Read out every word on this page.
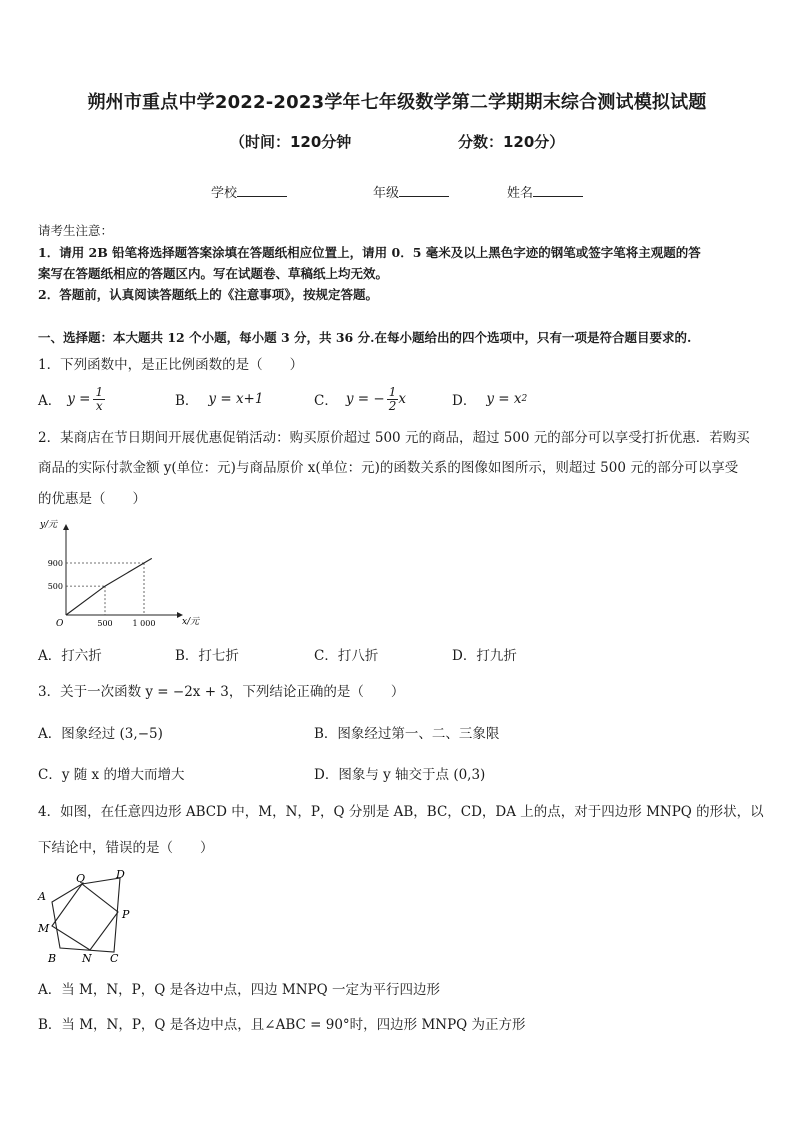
朔州市重点中学2022-2023学年七年级数学第二学期期末综合测试模拟试题
（时间：120分钟	分数：120分）
学校	年级	姓名
请考生注意：
1．请用 2B 铅笔将选择题答案涂填在答题纸相应位置上，请用 0．5 毫米及以上黑色字迹的钢笔或签字笔将主观题的答
案写在答题纸相应的答题区内。写在试题卷、草稿纸上均无效。
2．答题前，认真阅读答题纸上的《注意事项》，按规定答题。
一、选择题：本大题共 12 个小题，每小题 3 分，共 36 分.在每小题给出的四个选项中，只有一项是符合题目要求的.
1．下列函数中，是正比例函数的是（　　）
A． $y = \frac{1}{x}$	B． y = x+1	C． y = − $\frac{1}{2}$ x	D． y = x 2
2．某商店在节日期间开展优惠促销活动：购买原价超过 500 元的商品，超过 500 元的部分可以享受打折优惠．若购买
商品的实际付款金额 y(单位：元)与商品原价 x(单位：元)的函数关系的图像如图所示，则超过 500 元的部分可以享受
的优惠是（　　）
y/元
x/元
O	500 1 000
500
900
A．打六折	B．打七折	C．打八折	D．打九折
3．关于一次函数 y = −2x + 3，下列结论正确的是（　　）
A．图象经过 (3,−5)	B．图象经过第一、二、三象限
C．y 随 x 的增大而增大	D．图象与 y 轴交于点 (0,3)
4．如图，在任意四边形 ABCD 中，M，N，P，Q 分别是 AB，BC，CD，DA 上的点，对于四边形 MNPQ 的形状，以
下结论中，错误的是（　　）
A
Q	D
P
M
B N C
A．当 M，N，P，Q 是各边中点，四边 MNPQ 一定为平行四边形
B．当 M，N，P，Q 是各边中点，且∠ABC = 90°时，四边形 MNPQ 为正方形
